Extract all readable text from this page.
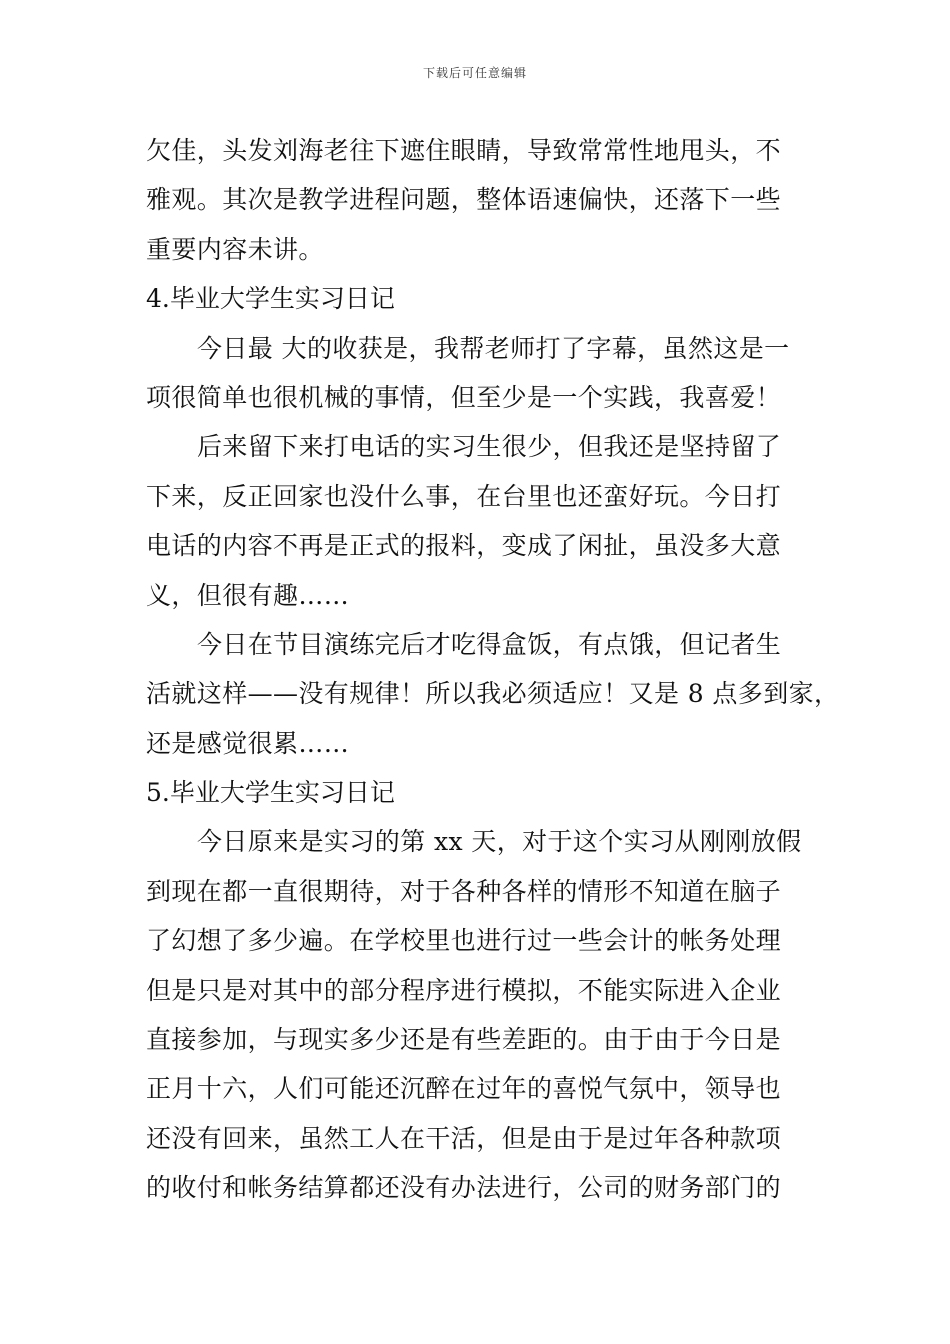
下载后可任意编辑
欠佳，头发刘海老往下遮住眼睛，导致常常性地甩头，不
雅观。其次是教学进程问题，整体语速偏快，还落下一些
重要内容未讲。
4.毕业大学生实习日记
今日最 大的收获是，我帮老师打了字幕，虽然这是一
项很简单也很机械的事情，但至少是一个实践，我喜爱！
后来留下来打电话的实习生很少，但我还是坚持留了
下来，反正回家也没什么事，在台里也还蛮好玩。今日打
电话的内容不再是正式的报料，变成了闲扯，虽没多大意
义，但很有趣……
今日在节目演练完后才吃得盒饭，有点饿，但记者生
活就这样——没有规律！所以我必须适应！又是 8 点多到家，
还是感觉很累……
5.毕业大学生实习日记
今日原来是实习的第 xx 天，对于这个实习从刚刚放假
到现在都一直很期待，对于各种各样的情形不知道在脑子
了幻想了多少遍。在学校里也进行过一些会计的帐务处理
但是只是对其中的部分程序进行模拟，不能实际进入企业
直接参加，与现实多少还是有些差距的。由于由于今日是
正月十六，人们可能还沉醉在过年的喜悦气氛中，领导也
还没有回来，虽然工人在干活，但是由于是过年各种款项
的收付和帐务结算都还没有办法进行，公司的财务部门的
